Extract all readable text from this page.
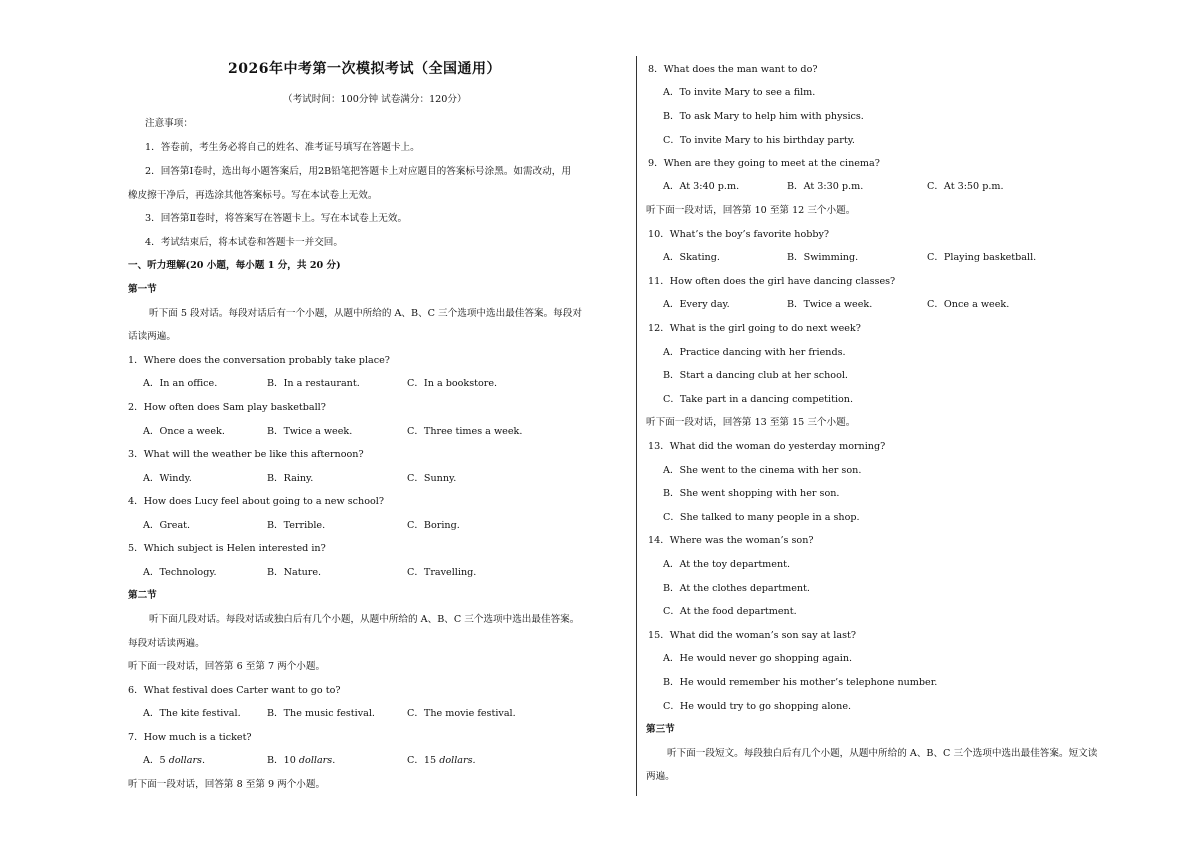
2026年中考第一次模拟考试（全国通用）
（考试时间：100分钟 试卷满分：120分）
注意事项：
1．答卷前，考生务必将自己的姓名、准考证号填写在答题卡上。
2．回答第Ⅰ卷时，选出每小题答案后，用2B铅笔把答题卡上对应题目的答案标号涂黑。如需改动，用
橡皮擦干净后，再选涂其他答案标号。写在本试卷上无效。
3．回答第Ⅱ卷时，将答案写在答题卡上。写在本试卷上无效。
4．考试结束后，将本试卷和答题卡一并交回。
一、听力理解(20 小题，每小题 1 分，共 20 分)
第一节
听下面 5 段对话。每段对话后有一个小题，从题中所给的 A、B、C 三个选项中选出最佳答案。每段对
话读两遍。
1．Where does the conversation probably take place?
A．In an office.	B．In a restaurant.	C．In a bookstore.
2．How often does Sam play basketball?
A．Once a week.	B．Twice a week.	C．Three times a week.
3．What will the weather be like this afternoon?
A．Windy.	B．Rainy.	C．Sunny.
4．How does Lucy feel about going to a new school?
A．Great.	B．Terrible.	C．Boring.
5．Which subject is Helen interested in?
A．Technology.	B．Nature.	C．Travelling.
第二节
听下面几段对话。每段对话或独白后有几个小题，从题中所给的 A、B、C 三个选项中选出最佳答案。
每段对话读两遍。
听下面一段对话，回答第 6 至第 7 两个小题。
6．What festival does Carter want to go to?
A．The kite festival.	B．The music festival.	C．The movie festival.
7．How much is a ticket?
A．5 dollars.	B．10 dollars.	C．15 dollars.
听下面一段对话，回答第 8 至第 9 两个小题。
8．What does the man want to do?
A．To invite Mary to see a film.
B．To ask Mary to help him with physics.
C．To invite Mary to his birthday party.
9．When are they going to meet at the cinema?
A．At 3:40 p.m.	B．At 3:30 p.m.	C．At 3:50 p.m.
听下面一段对话，回答第 10 至第 12 三个小题。
10．What’s the boy’s favorite hobby?
A．Skating.	B．Swimming.	C．Playing basketball.
11．How often does the girl have dancing classes?
A．Every day.	B．Twice a week.	C．Once a week.
12．What is the girl going to do next week?
A．Practice dancing with her friends.
B．Start a dancing club at her school.
C．Take part in a dancing competition.
听下面一段对话，回答第 13 至第 15 三个小题。
13．What did the woman do yesterday morning?
A．She went to the cinema with her son.
B．She went shopping with her son.
C．She talked to many people in a shop.
14．Where was the woman’s son?
A．At the toy department.
B．At the clothes department.
C．At the food department.
15．What did the woman’s son say at last?
A．He would never go shopping again.
B．He would remember his mother’s telephone number.
C．He would try to go shopping alone.
第三节
听下面一段短文。每段独白后有几个小题，从题中所给的 A、B、C 三个选项中选出最佳答案。短文读
两遍。
